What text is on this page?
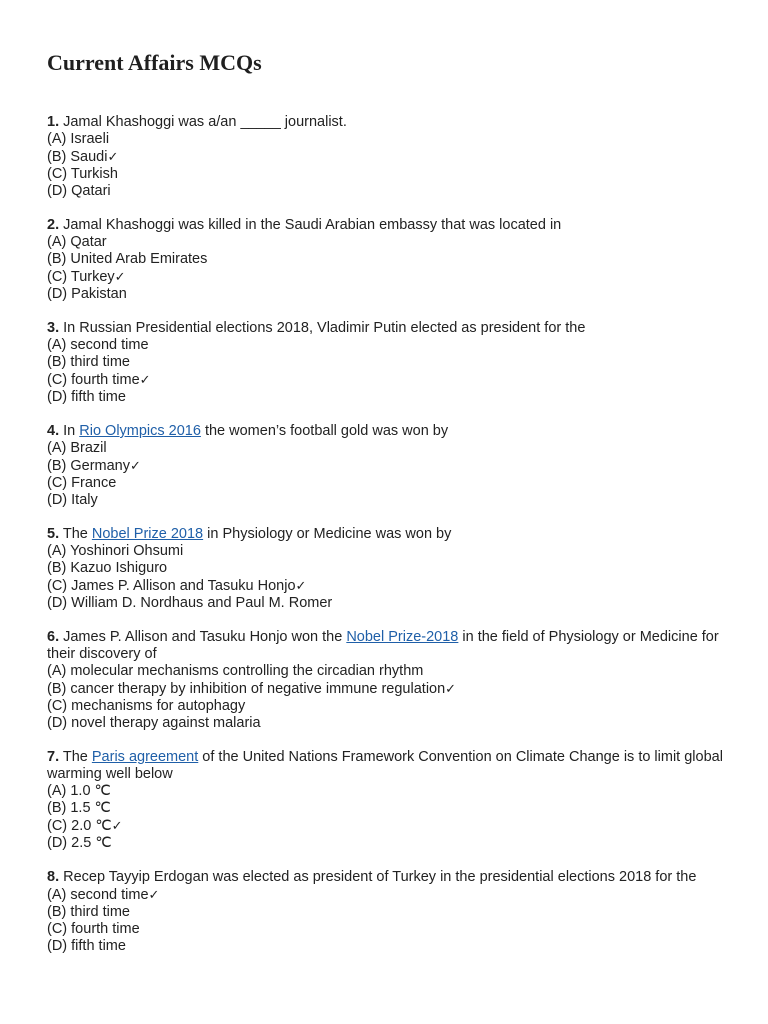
Current Affairs MCQs

1. Jamal Khashoggi was a/an _____ journalist.

(A) Israeli
(B) Saudi✓
(C) Turkish
(D) Qatari

2. Jamal Khashoggi was killed in the Saudi Arabian embassy that was located in

(A) Qatar
(B) United Arab Emirates
(C) Turkey✓
(D) Pakistan

3. In Russian Presidential elections 2018, Vladimir Putin elected as president for the

(A) second time
(B) third time
(C) fourth time✓
(D) fifth time

4. In Rio Olympics 2016 the women’s football gold was won by

(A) Brazil
(B) Germany✓
(C) France
(D) Italy

5. The Nobel Prize 2018 in Physiology or Medicine was won by

(A) Yoshinori Ohsumi
(B) Kazuo Ishiguro
(C) James P. Allison and Tasuku Honjo✓
(D) William D. Nordhaus and Paul M. Romer

6. James P. Allison and Tasuku Honjo won the Nobel Prize-2018 in the field of Physiology or Medicine for their discovery of

(A) molecular mechanisms controlling the circadian rhythm
(B) cancer therapy by inhibition of negative immune regulation✓
(C) mechanisms for autophagy
(D) novel therapy against malaria

7. The Paris agreement of the United Nations Framework Convention on Climate Change is to limit global warming well below

(A) 1.0 ℃
(B) 1.5 ℃
(C) 2.0 ℃✓
(D) 2.5 ℃

8. Recep Tayyip Erdogan was elected as president of Turkey in the presidential elections 2018 for the

(A) second time✓
(B) third time
(C) fourth time
(D) fifth time
